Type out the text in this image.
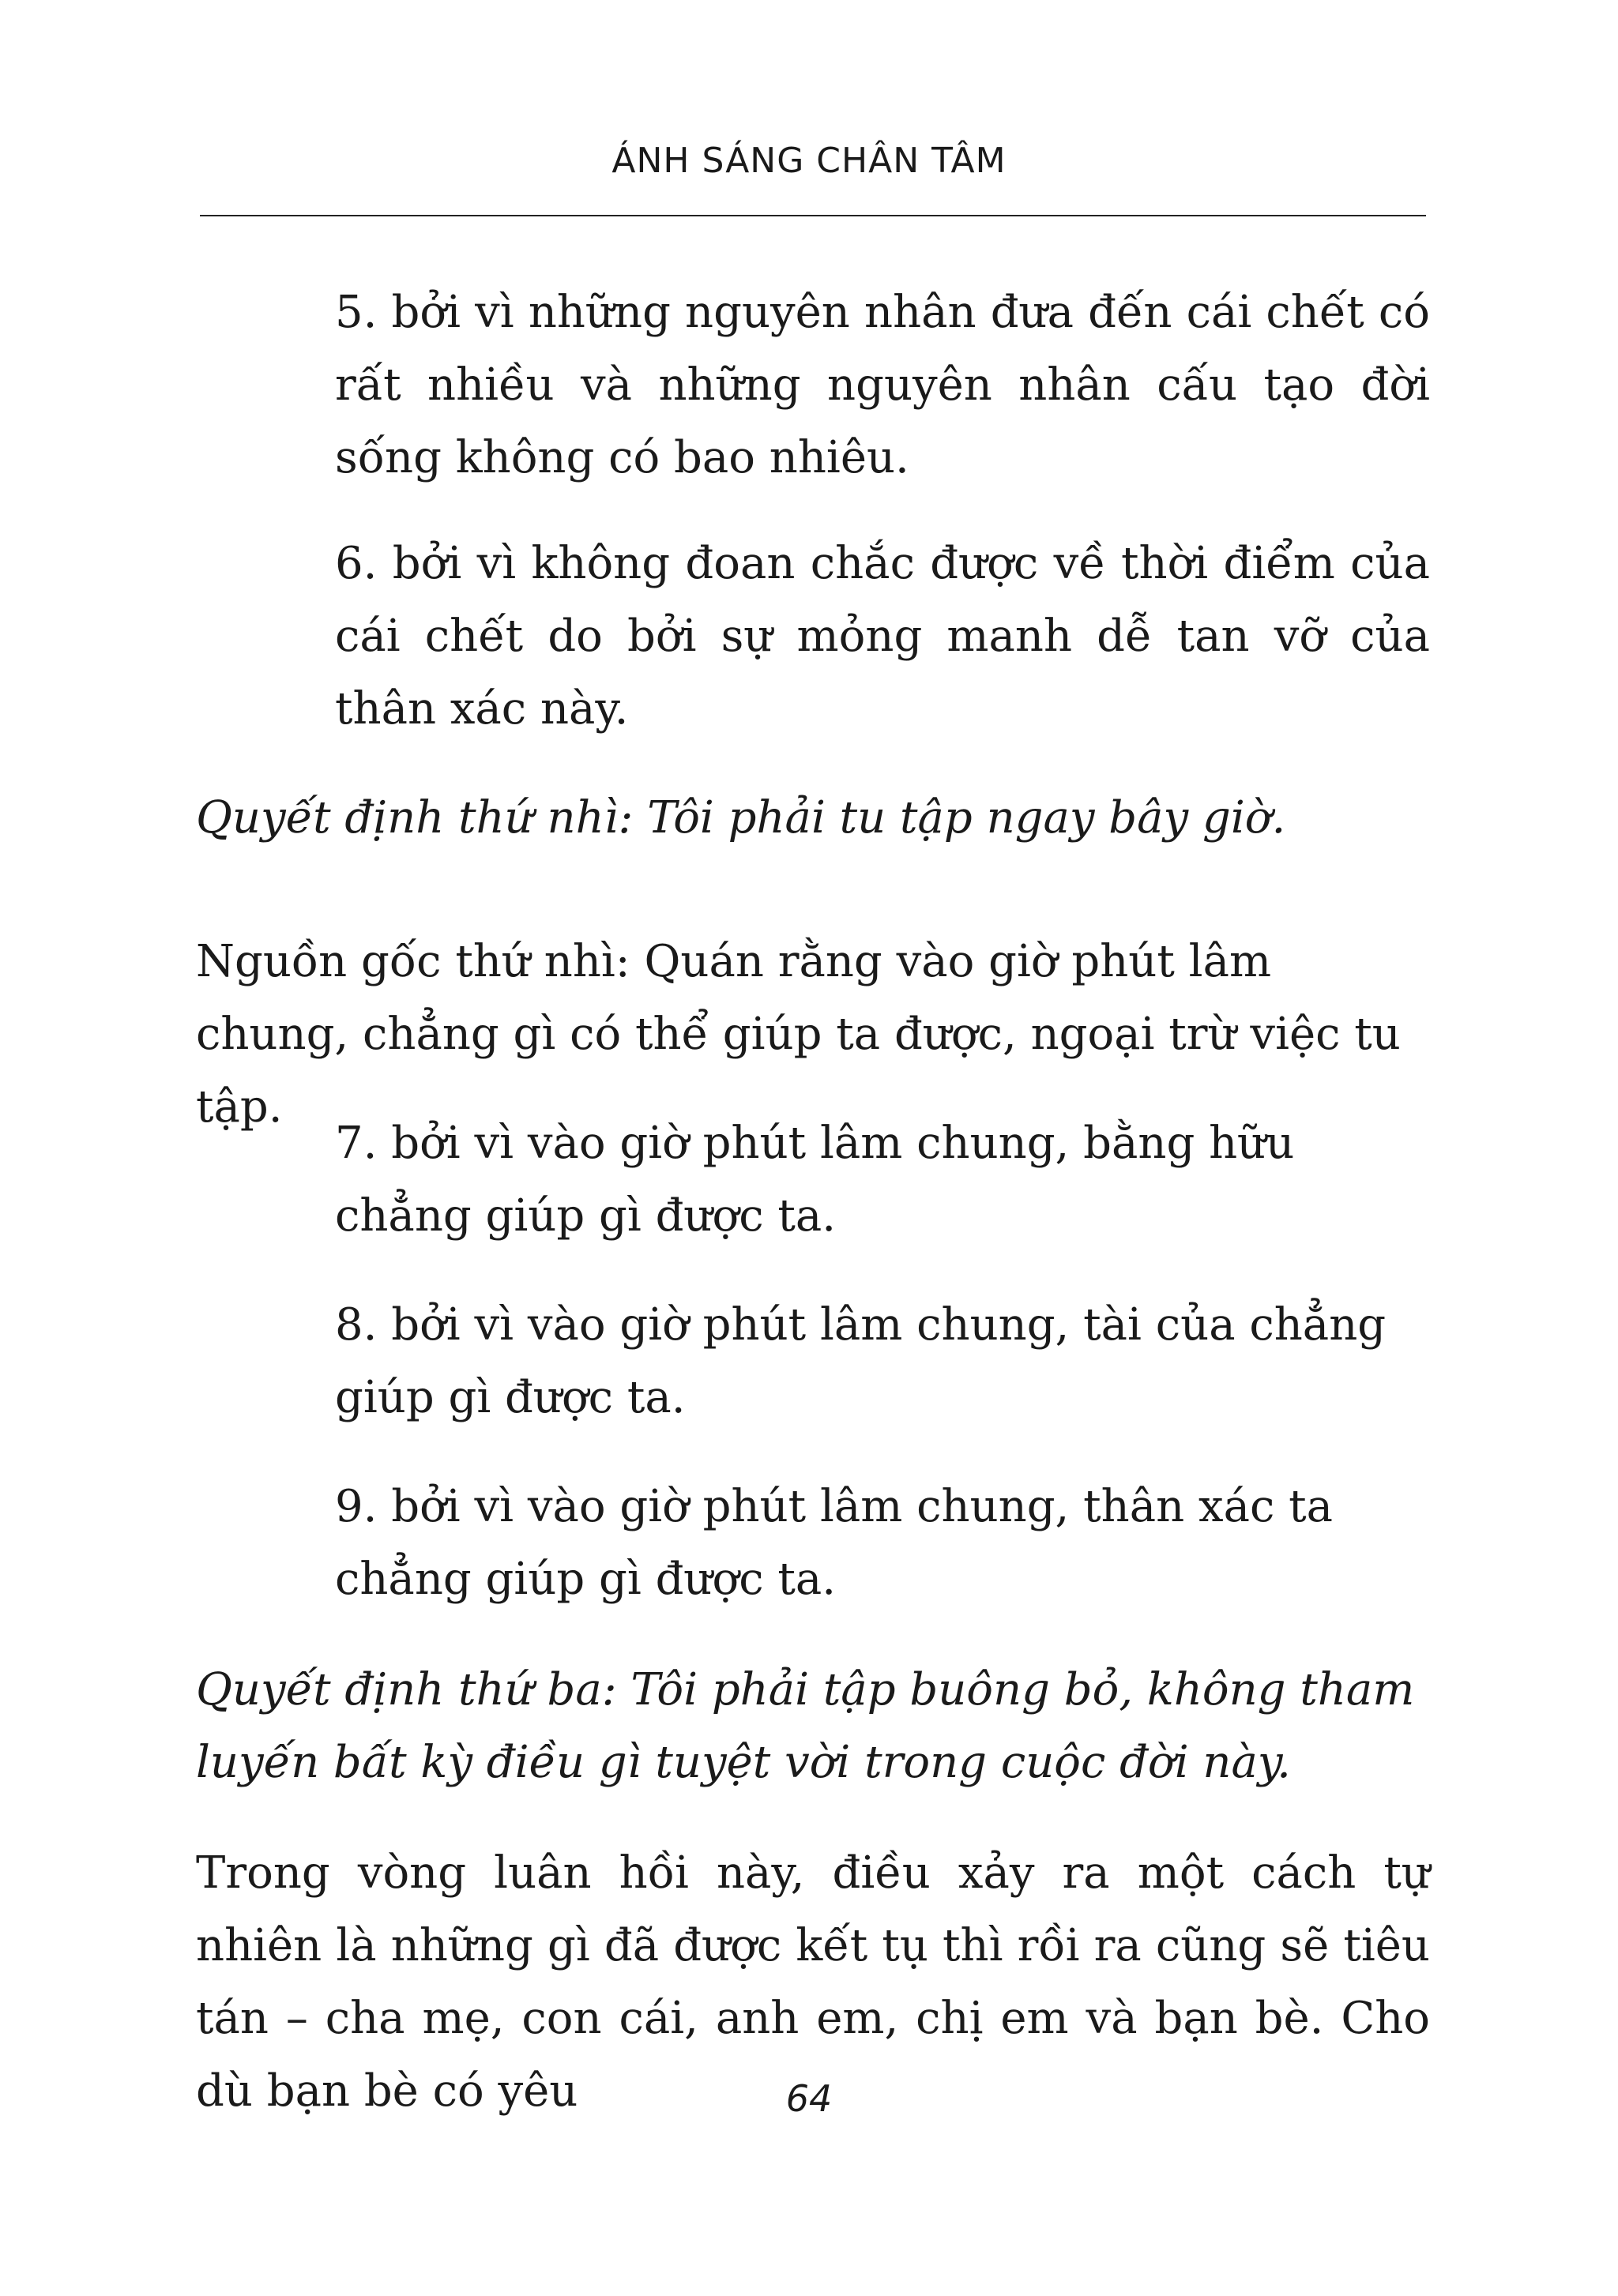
ÁNH SÁNG CHÂN TÂM

5. bởi vì những nguyên nhân đưa đến cái chết có rất nhiều và những nguyên nhân cấu tạo đời sống không có bao nhiêu.

6. bởi vì không đoan chắc được về thời điểm của cái chết do bởi sự mỏng manh dễ tan vỡ của thân xác này.

Quyết định thứ nhì: Tôi phải tu tập ngay bây giờ.

Nguồn gốc thứ nhì: Quán rằng vào giờ phút lâm chung, chẳng gì có thể giúp ta được, ngoại trừ việc tu tập.

7. bởi vì vào giờ phút lâm chung, bằng hữu chẳng giúp gì được ta.

8. bởi vì vào giờ phút lâm chung, tài của chẳng giúp gì được ta.

9. bởi vì vào giờ phút lâm chung, thân xác ta chẳng giúp gì được ta.

Quyết định thứ ba: Tôi phải tập buông bỏ, không tham luyến bất kỳ điều gì tuyệt vời trong cuộc đời này.

Trong vòng luân hồi này, điều xảy ra một cách tự nhiên là những gì đã được kết tụ thì rồi ra cũng sẽ tiêu tán – cha mẹ, con cái, anh em, chị em và bạn bè. Cho dù bạn bè có yêu	64
